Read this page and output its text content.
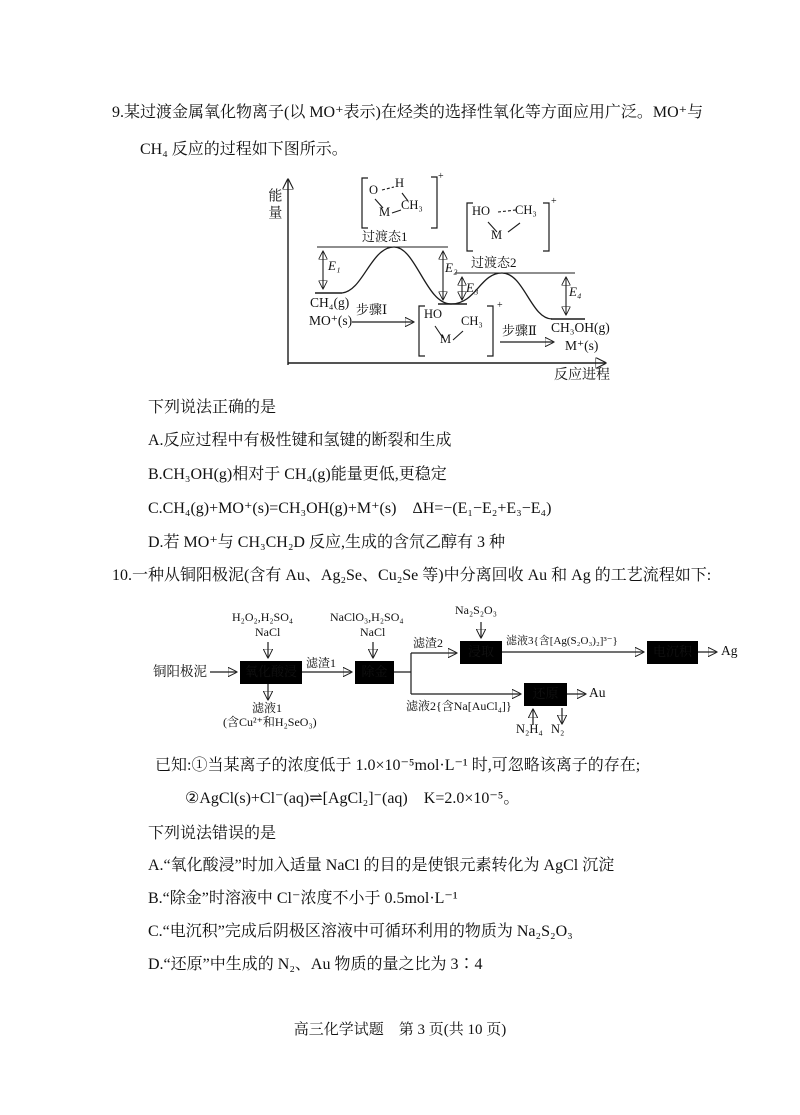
9.某过渡金属氧化物离子(以 MO⁺表示)在烃类的选择性氧化等方面应用广泛。MO⁺与
CH₄ 反应的过程如下图所示。
能量
反应进程
过渡态1
过渡态2
E₁	E₂
E₃	E₄
CH₄(g)
MO⁺(s)
步骤Ⅰ
步骤Ⅱ CH₃OH(g)
M⁺(s)
O H
M CH₃
+
HO CH₃
M
+
HO CH₃
M
+
下列说法正确的是
A.反应过程中有极性键和氢键的断裂和生成
B.CH₃OH(g)相对于 CH₄(g)能量更低,更稳定
C.CH₄(g)+MO⁺(s)=CH₃OH(g)+M⁺(s)　ΔH=−(E₁−E₂+E₃−E₄)
D.若 MO⁺与 CH₃CH₂D 反应,生成的含氘乙醇有 3 种
10.一种从铜阳极泥(含有 Au、Ag₂Se、Cu₂Se 等)中分离回收 Au 和 Ag 的工艺流程如下:
铜阳极泥
H₂O₂,H₂SO₄
NaCl
NaClO₃,H₂SO₄
NaCl
Na₂S₂O₃
氧化酸浸	除金
浸取	电沉积
还原
滤渣1
滤渣2
滤液1
(含Cu²⁺和H₂SeO₃)
滤液2{含Na[AuCl₄]}
滤液3{含[Ag(S₂O₃)₂]³⁻}
N₂H₄ N₂
Ag
Au
已知:①当某离子的浓度低于 1.0×10⁻⁵mol·L⁻¹ 时,可忽略该离子的存在;
②AgCl(s)+Cl⁻(aq)⇌[AgCl₂]⁻(aq)　K=2.0×10⁻⁵。
下列说法错误的是
A.“氧化酸浸”时加入适量 NaCl 的目的是使银元素转化为 AgCl 沉淀
B.“除金”时溶液中 Cl⁻浓度不小于 0.5mol·L⁻¹
C.“电沉积”完成后阴极区溶液中可循环利用的物质为 Na₂S₂O₃
D.“还原”中生成的 N₂、Au 物质的量之比为 3∶4
高三化学试题　第 3 页(共 10 页)
